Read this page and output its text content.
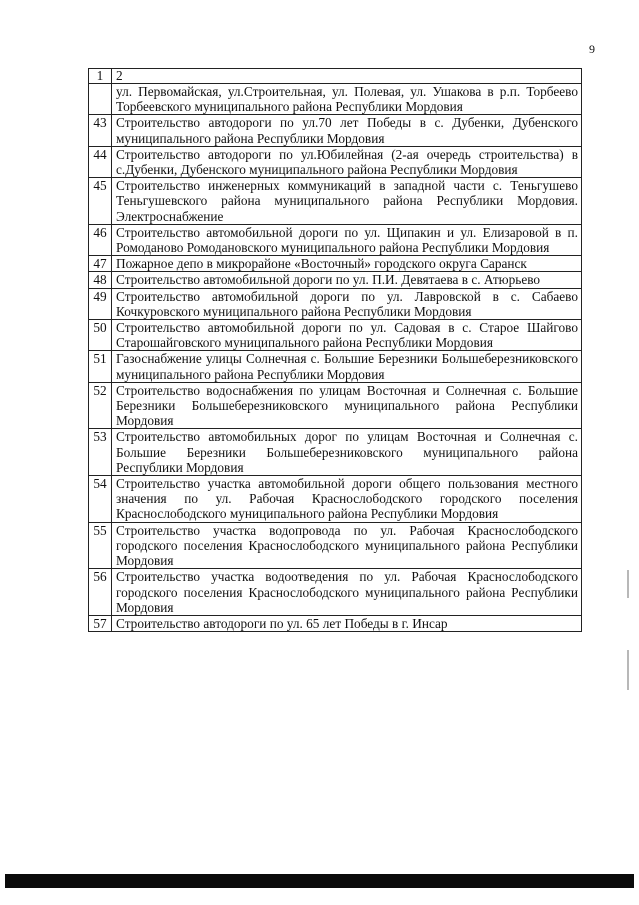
9
1	2
	ул. Первомайская, ул.Строительная, ул. Полевая, ул. Ушакова в р.п. Торбеево Торбеевского муниципального района Республики Мордовия
43	Строительство автодороги по ул.70 лет Победы в с. Дубенки, Дубенского муниципального района Республики Мордовия
44	Строительство автодороги по ул.Юбилейная (2-ая очередь строительства) в с.Дубенки, Дубенского муниципального района Республики Мордовия
45	Строительство инженерных коммуникаций в западной части с. Теньгушево Теньгушевского района муниципального района Республики Мордовия. Электроснабжение
46	Строительство автомобильной дороги по ул. Щипакин и ул. Елизаровой в п. Ромоданово Ромодановского муниципального района Республики Мордовия
47	Пожарное депо в микрорайоне «Восточный» городского округа Саранск
48	Строительство автомобильной дороги по ул. П.И. Девятаева в с. Атюрьево
49	Строительство автомобильной дороги по ул. Лавровской в с. Сабаево Кочкуровского муниципального района Республики Мордовия
50	Строительство автомобильной дороги по ул. Садовая в с. Старое Шайгово Старошайговского муниципального района Республики Мордовия
51	Газоснабжение улицы Солнечная с. Большие Березники Большеберезниковского муниципального района Республики Мордовия
52	Строительство водоснабжения по улицам Восточная и Солнечная с. Большие Березники Большеберезниковского муниципального района Республики Мордовия
53	Строительство автомобильных дорог по улицам Восточная и Солнечная с. Большие Березники Большеберезниковского муниципального района Республики Мордовия
54	Строительство участка автомобильной дороги общего пользования местного значения по ул. Рабочая Краснослободского городского поселения Краснослободского муниципального района Республики Мордовия
55	Строительство участка водопровода по ул. Рабочая Краснослободского городского поселения Краснослободского муниципального района Республики Мордовия
56	Строительство участка водоотведения по ул. Рабочая Краснослободского городского поселения Краснослободского муниципального района Республики Мордовия
57	Строительство автодороги по ул. 65 лет Победы в г. Инсар
